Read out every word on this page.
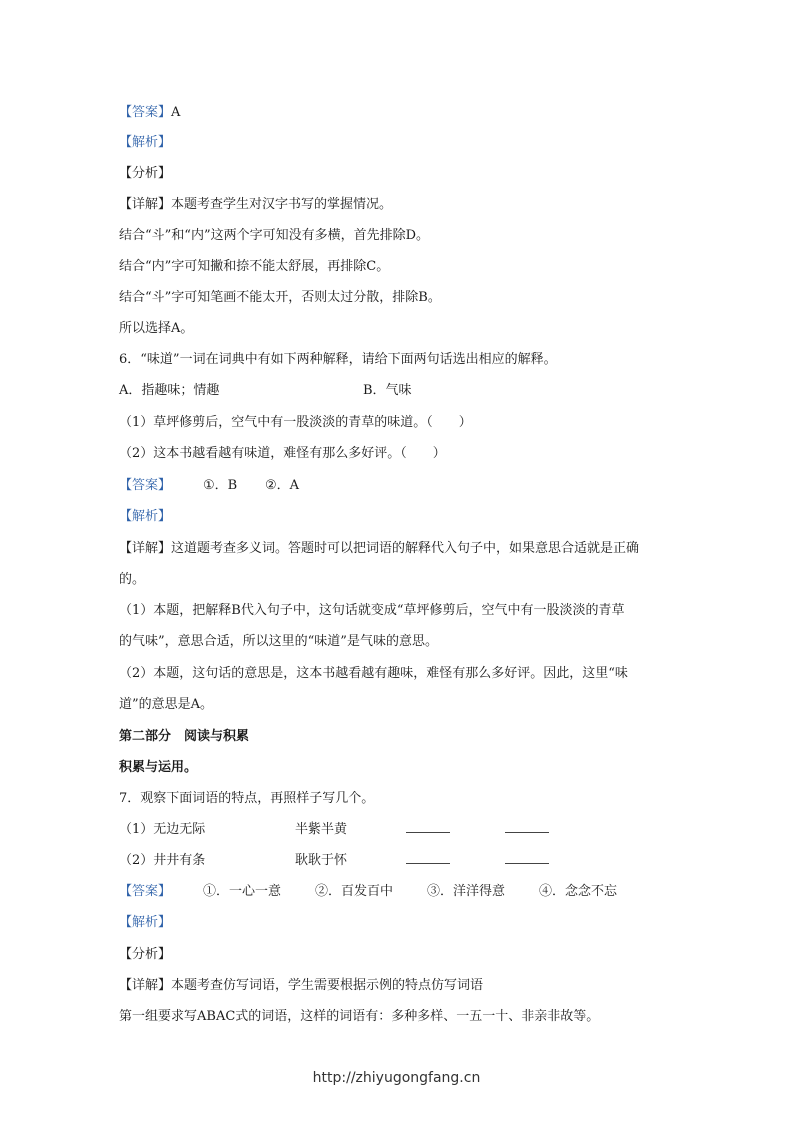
【答案】A
【解析】
【分析】
【详解】本题考查学生对汉字书写的掌握情况。
结合“斗”和“内”这两个字可知没有多横，首先排除D。
结合“内”字可知撇和捺不能太舒展，再排除C。
结合“斗”字可知笔画不能太开，否则太过分散，排除B。
所以选择A。
6．“味道”一词在词典中有如下两种解释，请给下面两句话选出相应的解释。
A．指趣味；情趣	B．气味
（1）草坪修剪后，空气中有一股淡淡的青草的味道。（　　）
（2）这本书越看越有味道，难怪有那么多好评。（　　）
【答案】 ①．B ②．A
【解析】
【详解】这道题考查多义词。答题时可以把词语的解释代入句子中，如果意思合适就是正确
的。
（1）本题，把解释B代入句子中，这句话就变成“草坪修剪后，空气中有一股淡淡的青草
的气味”，意思合适，所以这里的“味道”是气味的意思。
（2）本题，这句话的意思是，这本书越看越有趣味，难怪有那么多好评。因此，这里“味
道”的意思是A。
第二部分　阅读与积累
积累与运用。
7．观察下面词语的特点，再照样子写几个。
（1）无边无际	半紫半黄
（2）井井有条	耿耿于怀
【答案】 ①．一心一意	②．百发百中	③．洋洋得意	④．念念不忘
【解析】
【分析】
【详解】本题考查仿写词语，学生需要根据示例的特点仿写词语
第一组要求写ABAC式的词语，这样的词语有：多种多样、一五一十、非亲非故等。
http://zhiyugongfang.cn
